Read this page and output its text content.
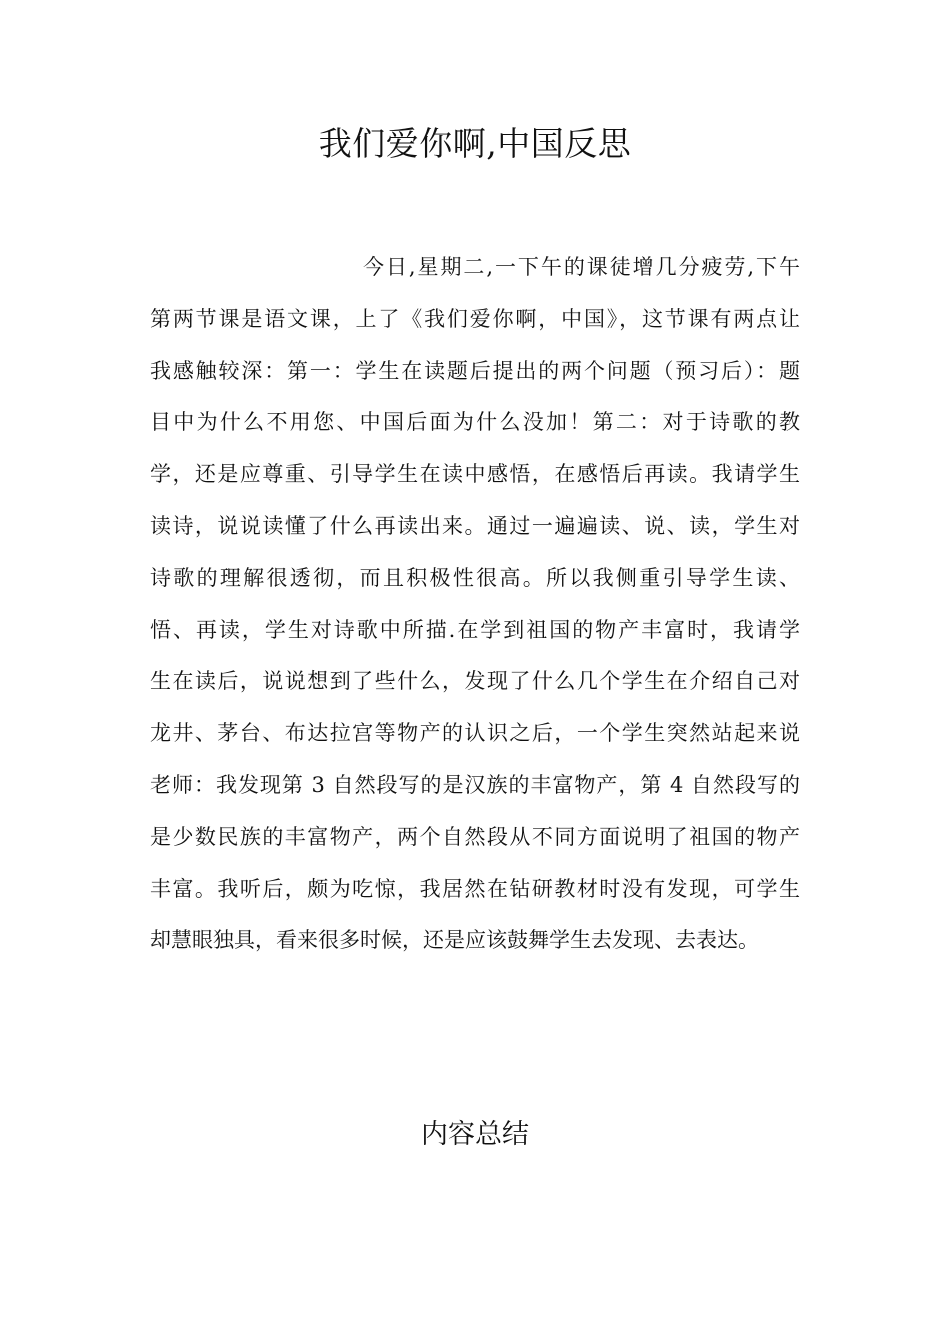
我们爱你啊,中国反思
今日,星期二,一下午的课徒增几分疲劳,下午
第两节课是语文课，上了《我们爱你啊，中国》，这节课有两点让
我感触较深：第一：学生在读题后提出的两个问题（预习后）：题
目中为什么不用您、中国后面为什么没加！第二：对于诗歌的教
学，还是应尊重、引导学生在读中感悟，在感悟后再读。我请学生
读诗，说说读懂了什么再读出来。通过一遍遍读、说、读，学生对
诗歌的理解很透彻，而且积极性很高。所以我侧重引导学生读、
悟、再读，学生对诗歌中所描.在学到祖国的物产丰富时，我请学
生在读后，说说想到了些什么，发现了什么几个学生在介绍自己对
龙井、茅台、布达拉宫等物产的认识之后，一个学生突然站起来说
老师：我发现第 3 自然段写的是汉族的丰富物产，第 4 自然段写的
是少数民族的丰富物产，两个自然段从不同方面说明了祖国的物产
丰富。我听后，颇为吃惊，我居然在钻研教材时没有发现，可学生
却慧眼独具，看来很多时候，还是应该鼓舞学生去发现、去表达。
内容总结
